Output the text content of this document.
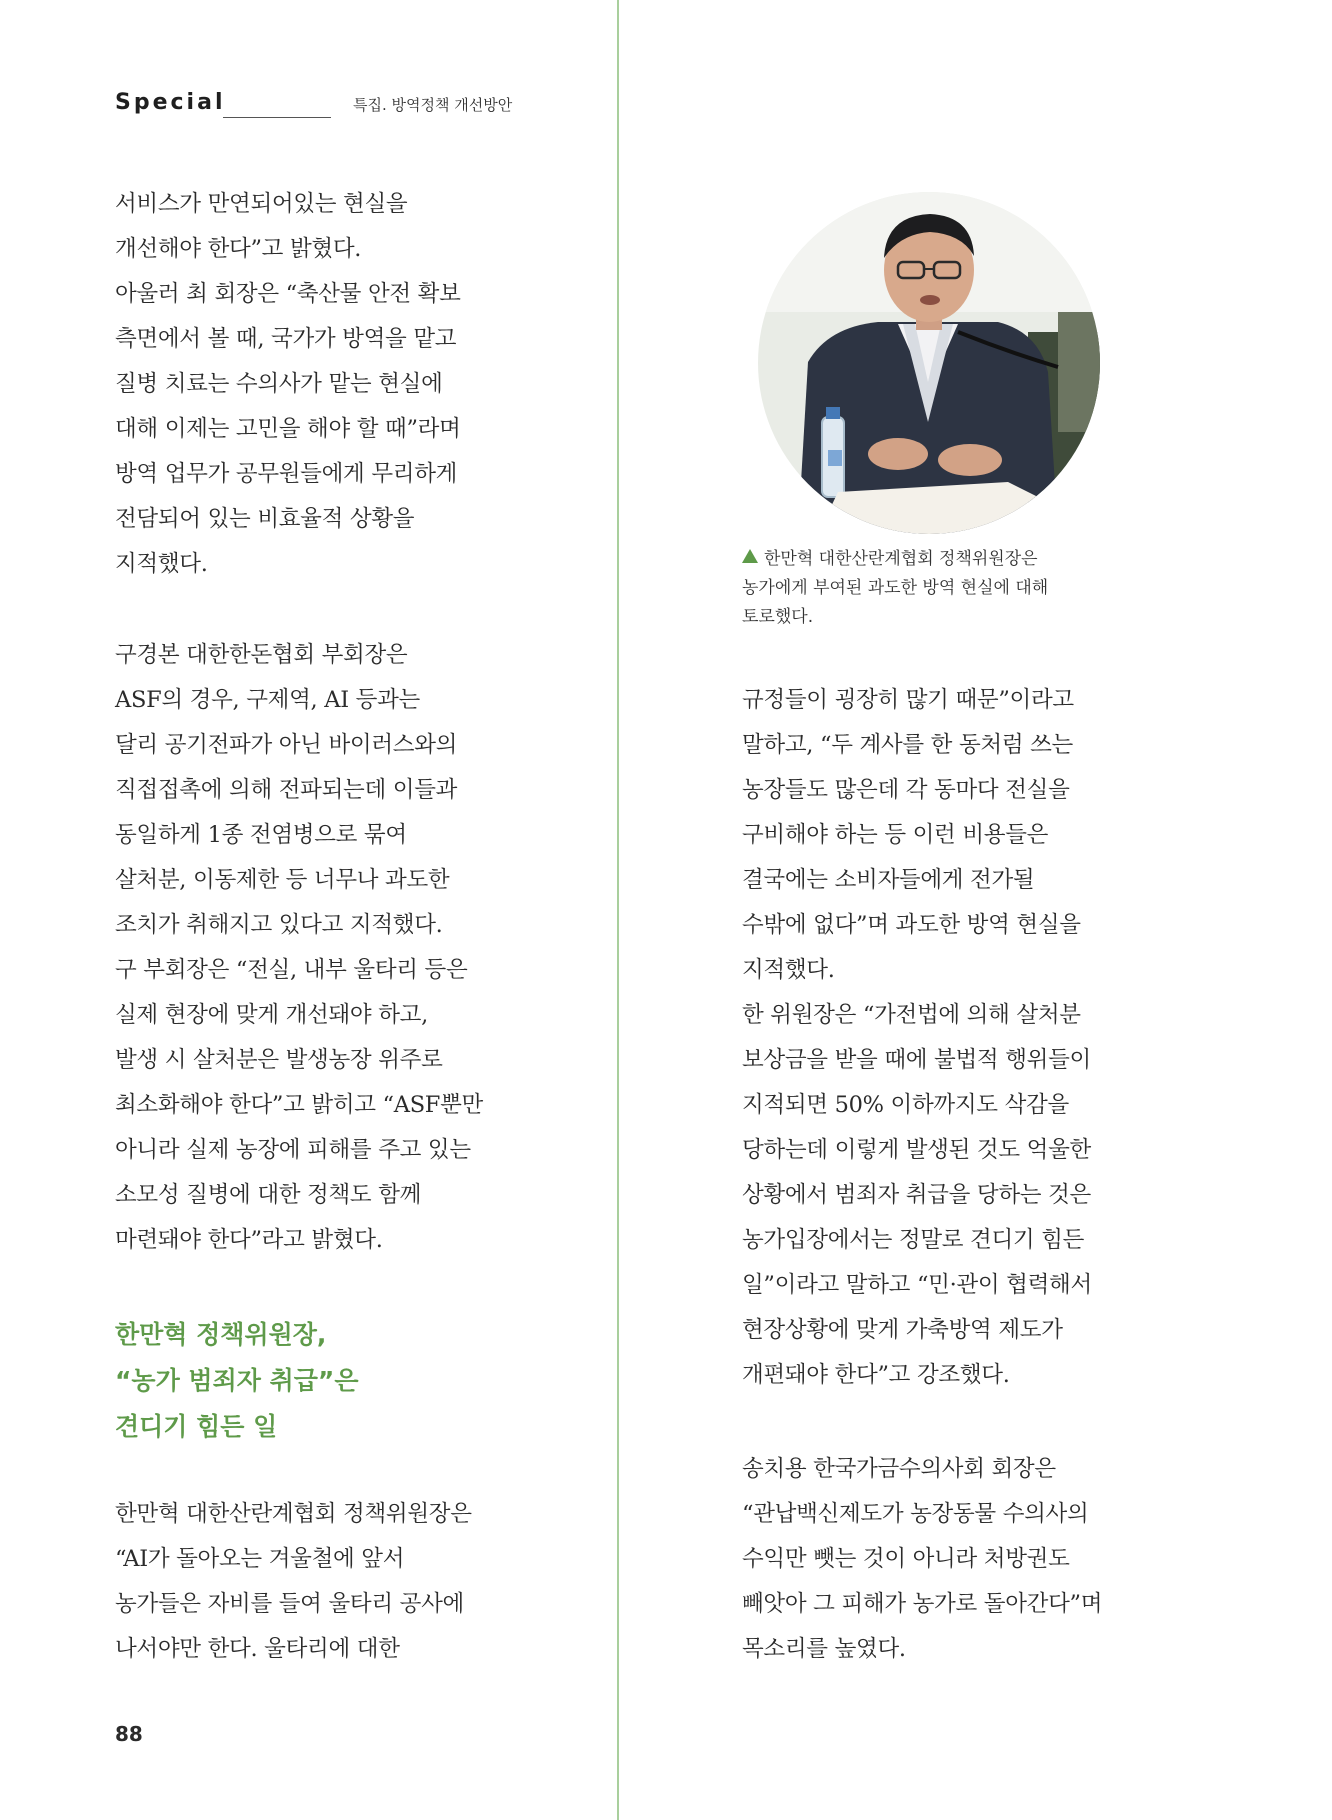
Special	특집. 방역정책 개선방안
서비스가 만연되어있는 현실을
개선해야 한다”고 밝혔다.
아울러 최 회장은 “축산물 안전 확보
측면에서 볼 때, 국가가 방역을 맡고
질병 치료는 수의사가 맡는 현실에
대해 이제는 고민을 해야 할 때”라며
방역 업무가 공무원들에게 무리하게
전담되어 있는 비효율적 상황을
지적했다.
구경본 대한한돈협회 부회장은
ASF의 경우, 구제역, AI 등과는
달리 공기전파가 아닌 바이러스와의
직접접촉에 의해 전파되는데 이들과
동일하게 1종 전염병으로 묶여
살처분, 이동제한 등 너무나 과도한
조치가 취해지고 있다고 지적했다.
구 부회장은 “전실, 내부 울타리 등은
실제 현장에 맞게 개선돼야 하고,
발생 시 살처분은 발생농장 위주로
최소화해야 한다”고 밝히고 “ASF뿐만
아니라 실제 농장에 피해를 주고 있는
소모성 질병에 대한 정책도 함께
마련돼야 한다”라고 밝혔다.
한만혁 정책위원장,
“농가 범죄자 취급”은
견디기 힘든 일
한만혁 대한산란계협회 정책위원장은
“AI가 돌아오는 겨울철에 앞서
농가들은 자비를 들여 울타리 공사에
나서야만 한다. 울타리에 대한
한만혁 대한산란계협회 정책위원장은
농가에게 부여된 과도한 방역 현실에 대해
토로했다.
규정들이 굉장히 많기 때문”이라고
말하고, “두 계사를 한 동처럼 쓰는
농장들도 많은데 각 동마다 전실을
구비해야 하는 등 이런 비용들은
결국에는 소비자들에게 전가될
수밖에 없다”며 과도한 방역 현실을
지적했다.
한 위원장은 “가전법에 의해 살처분
보상금을 받을 때에 불법적 행위들이
지적되면 50% 이하까지도 삭감을
당하는데 이렇게 발생된 것도 억울한
상황에서 범죄자 취급을 당하는 것은
농가입장에서는 정말로 견디기 힘든
일”이라고 말하고 “민·관이 협력해서
현장상황에 맞게 가축방역 제도가
개편돼야 한다”고 강조했다.
송치용 한국가금수의사회 회장은
“관납백신제도가 농장동물 수의사의
수익만 뺏는 것이 아니라 처방권도
빼앗아 그 피해가 농가로 돌아간다”며
목소리를 높였다.
88
